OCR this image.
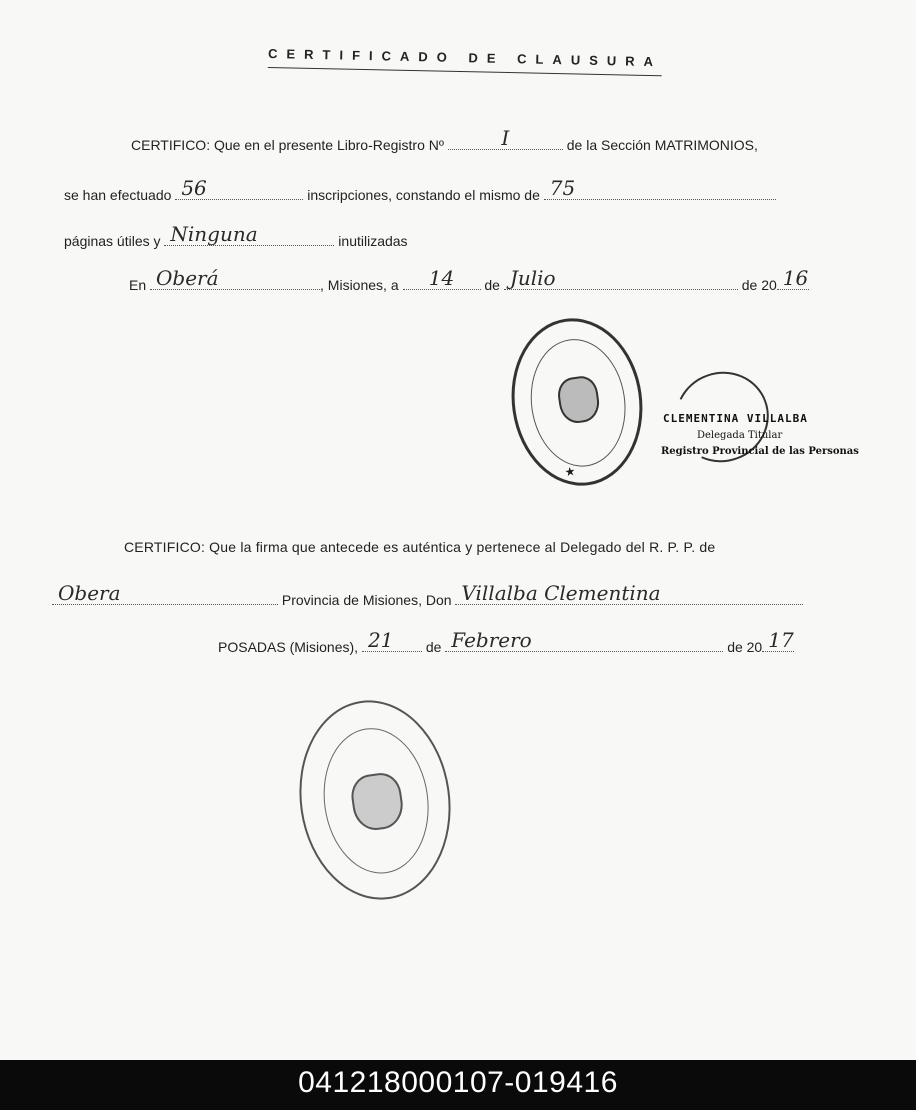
CERTIFICADO DE CLAUSURA
CERTIFICO: Que en el presente Libro-Registro Nº	I	de la Sección MATRIMONIOS,
se han efectuado 56	inscripciones, constando el mismo de 75
páginas útiles y Ninguna	inutilizadas
En Oberá	, Misiones, a	14	de Julio	de 20 16
★
CLEMENTINA VILLALBA
Delegada Titular
Registro Provincial de las Personas
CERTIFICO: Que la firma que antecede es auténtica y pertenece al Delegado del R. P. P. de
Obera	Provincia de Misiones, Don Villalba Clementina
POSADAS (Misiones), 21	de Febrero	de 20 17
041218000107-019416
